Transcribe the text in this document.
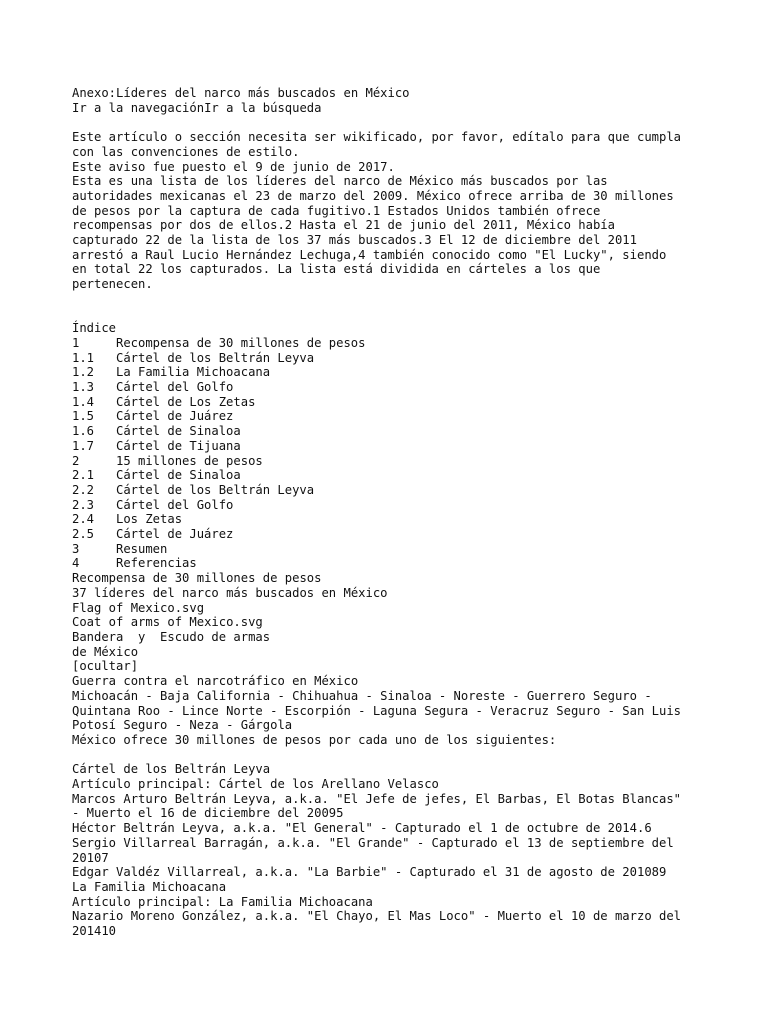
Anexo:Líderes del narco más buscados en México
Ir a la navegaciónIr a la búsqueda
Este artículo o sección necesita ser wikificado, por favor, edítalo para que cumpla
con las convenciones de estilo.
Este aviso fue puesto el 9 de junio de 2017.
Esta es una lista de los líderes del narco de México más buscados por las
autoridades mexicanas el 23 de marzo del 2009. México ofrece arriba de 30 millones
de pesos por la captura de cada fugitivo.1 Estados Unidos también ofrece
recompensas por dos de ellos.2 Hasta el 21 de junio del 2011, México había
capturado 22 de la lista de los 37 más buscados.3 El 12 de diciembre del 2011
arrestó a Raul Lucio Hernández Lechuga,4 también conocido como "El Lucky", siendo
en total 22 los capturados. La lista está dividida en cárteles a los que
pertenecen.
Índice
1	Recompensa de 30 millones de pesos
1.1 Cártel de los Beltrán Leyva
1.2 La Familia Michoacana
1.3 Cártel del Golfo
1.4 Cártel de Los Zetas
1.5 Cártel de Juárez
1.6 Cártel de Sinaloa
1.7 Cártel de Tijuana
2	15 millones de pesos
2.1 Cártel de Sinaloa
2.2 Cártel de los Beltrán Leyva
2.3 Cártel del Golfo
2.4 Los Zetas
2.5 Cártel de Juárez
3	Resumen
4	Referencias
Recompensa de 30 millones de pesos
37 líderes del narco más buscados en México
Flag of Mexico.svg
Coat of arms of Mexico.svg
Bandera  y  Escudo de armas
de México
[ocultar]
Guerra contra el narcotráfico en México
Michoacán - Baja California - Chihuahua - Sinaloa - Noreste - Guerrero Seguro -
Quintana Roo - Lince Norte - Escorpión - Laguna Segura - Veracruz Seguro - San Luis
Potosí Seguro - Neza - Gárgola
México ofrece 30 millones de pesos por cada uno de los siguientes:
Cártel de los Beltrán Leyva
Artículo principal: Cártel de los Arellano Velasco
Marcos Arturo Beltrán Leyva, a.k.a. "El Jefe de jefes, El Barbas, El Botas Blancas"
- Muerto el 16 de diciembre del 20095
Héctor Beltrán Leyva, a.k.a. "El General" - Capturado el 1 de octubre de 2014.6
Sergio Villarreal Barragán, a.k.a. "El Grande" - Capturado el 13 de septiembre del
20107
Edgar Valdéz Villarreal, a.k.a. "La Barbie" - Capturado el 31 de agosto de 201089
La Familia Michoacana
Artículo principal: La Familia Michoacana
Nazario Moreno González, a.k.a. "El Chayo, El Mas Loco" - Muerto el 10 de marzo del
201410
